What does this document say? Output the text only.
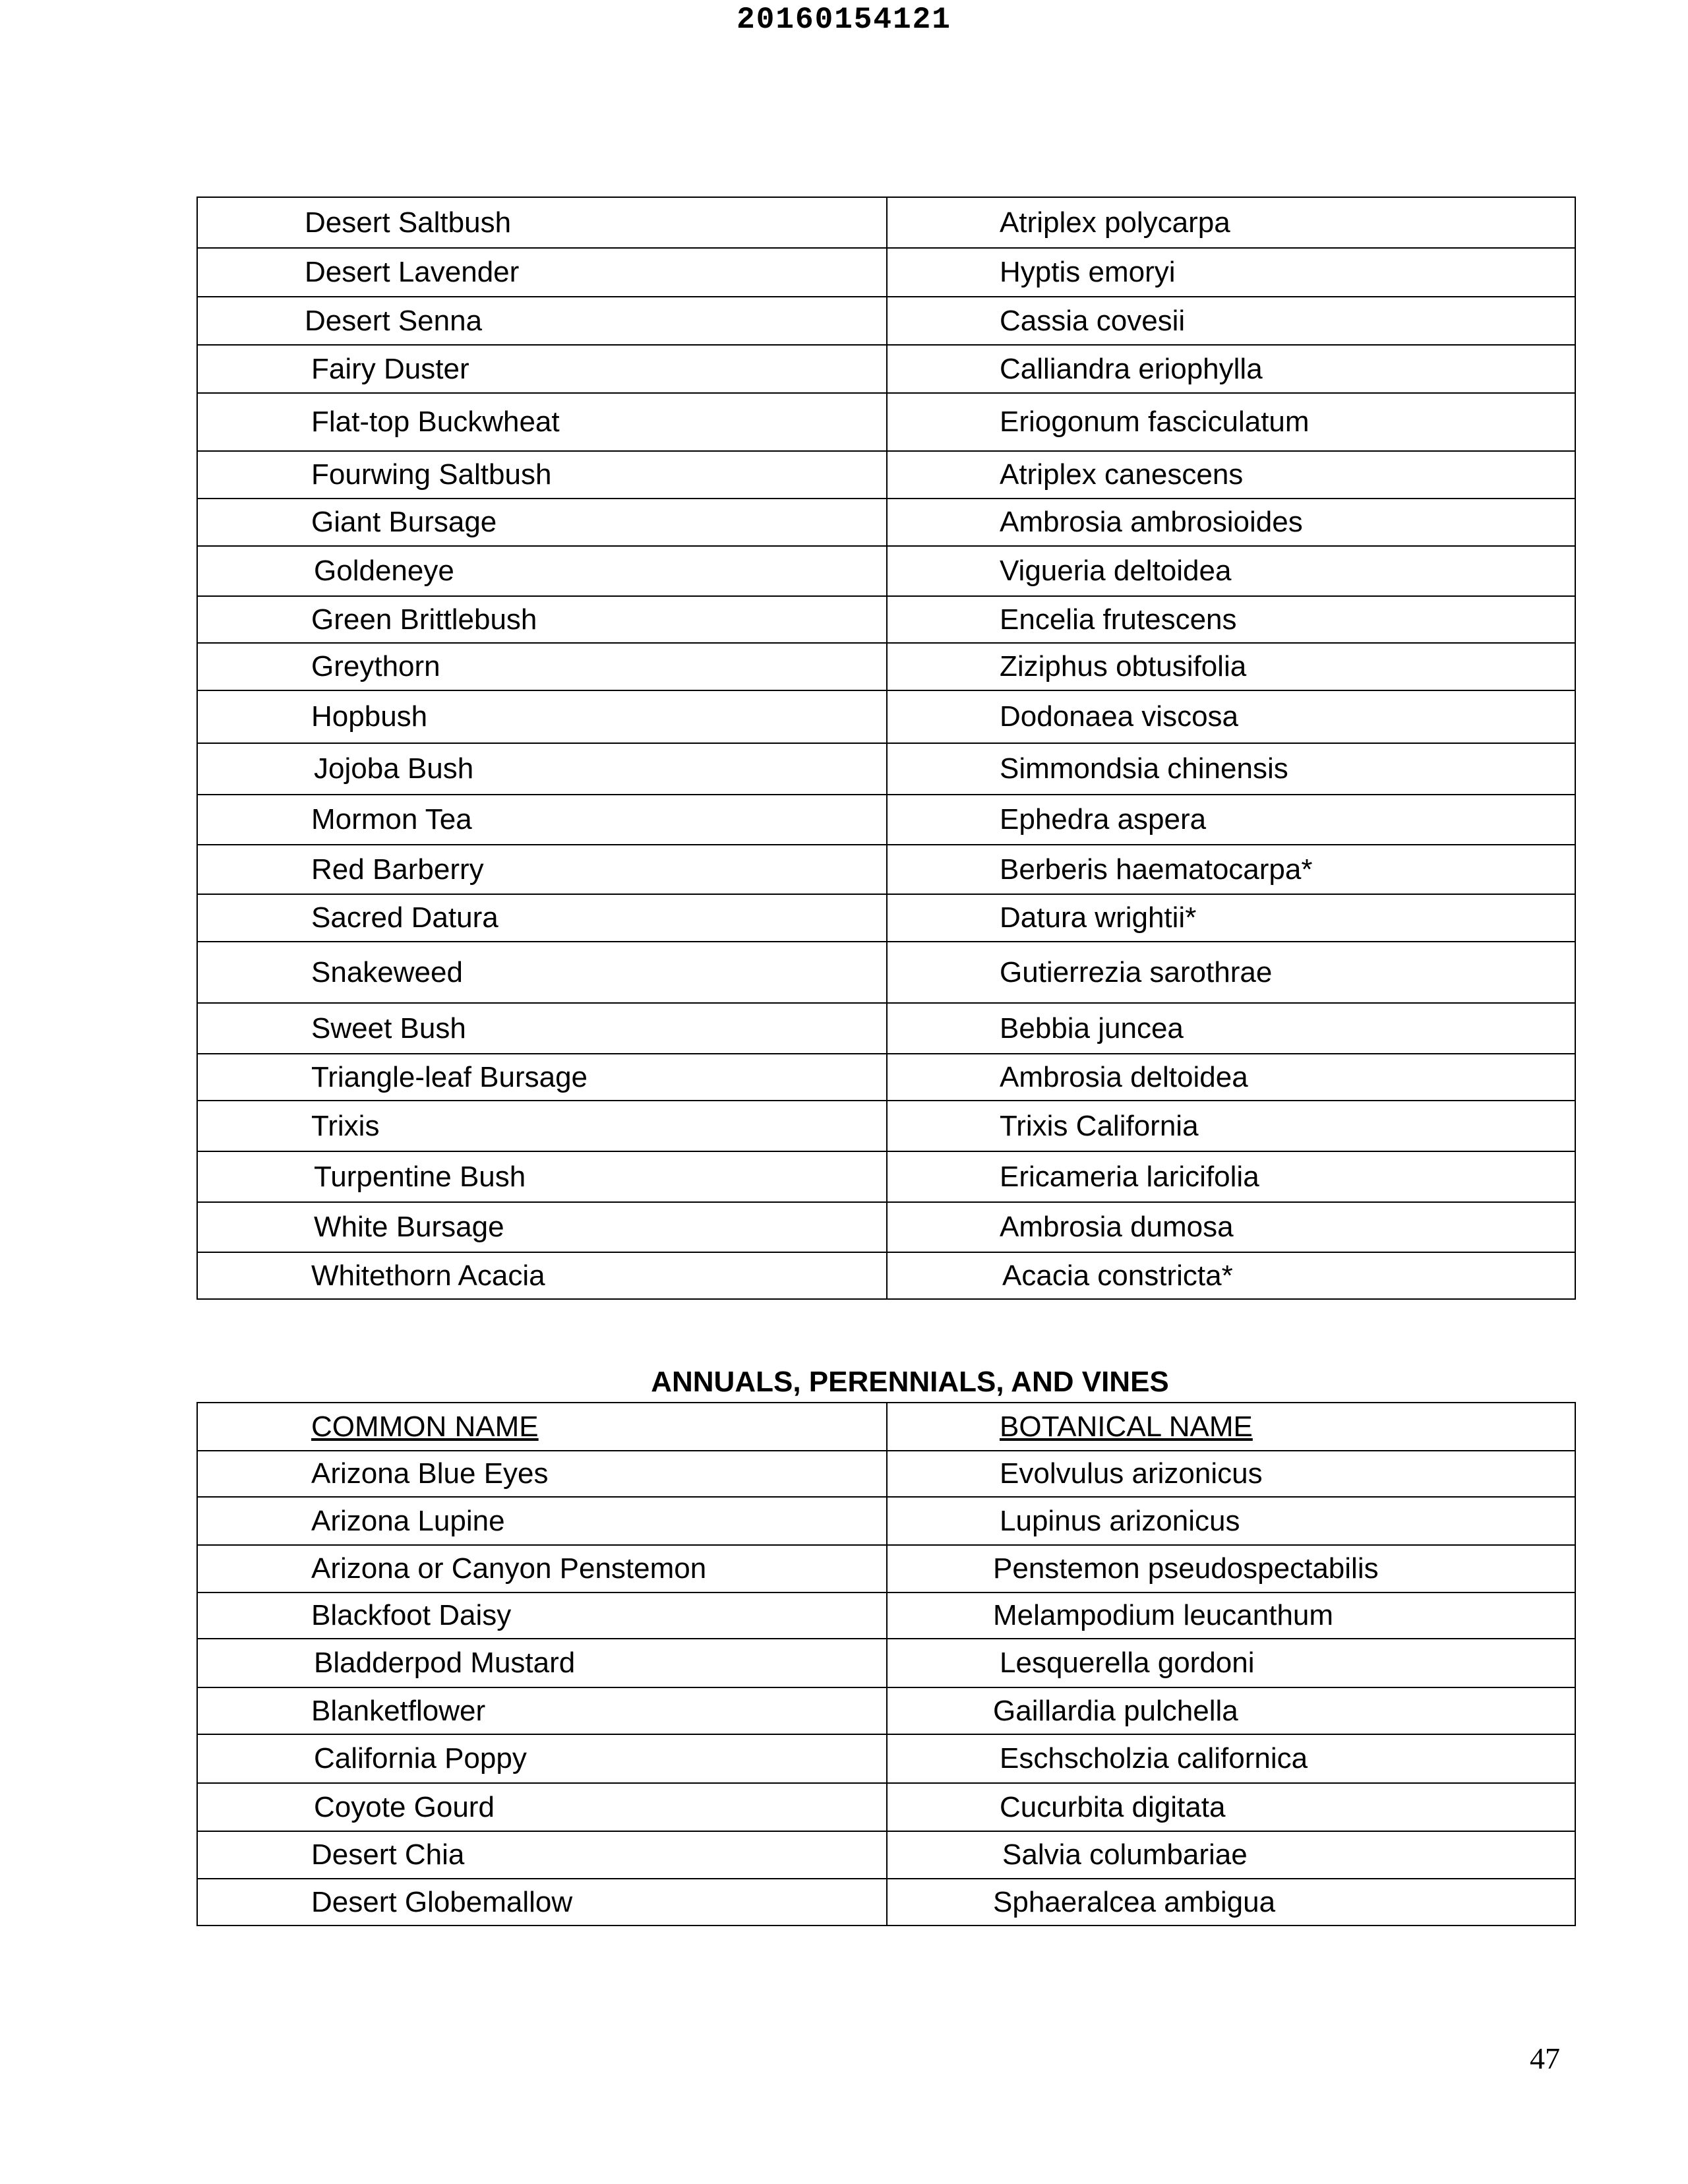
20160154121
Desert Saltbush	Atriplex polycarpa
Desert Lavender	Hyptis emoryi
Desert Senna	Cassia covesii
Fairy Duster	Calliandra eriophylla
Flat-top Buckwheat	Eriogonum fasciculatum
Fourwing Saltbush	Atriplex canescens
Giant Bursage	Ambrosia ambrosioides
Goldeneye	Vigueria deltoidea
Green Brittlebush	Encelia frutescens
Greythorn	Ziziphus obtusifolia
Hopbush	Dodonaea viscosa
Jojoba Bush	Simmondsia chinensis
Mormon Tea	Ephedra aspera
Red Barberry	Berberis haematocarpa*
Sacred Datura	Datura wrightii*
Snakeweed	Gutierrezia sarothrae
Sweet Bush	Bebbia juncea
Triangle-leaf Bursage	Ambrosia deltoidea
Trixis	Trixis California
Turpentine Bush	Ericameria laricifolia
White Bursage	Ambrosia dumosa
Whitethorn Acacia	Acacia constricta*
ANNUALS, PERENNIALS, AND VINES
COMMON NAME	BOTANICAL NAME
Arizona Blue Eyes	Evolvulus arizonicus
Arizona Lupine	Lupinus arizonicus
Arizona or Canyon Penstemon	Penstemon pseudospectabilis
Blackfoot Daisy	Melampodium leucanthum
Bladderpod Mustard	Lesquerella gordoni
Blanketflower	Gaillardia pulchella
California Poppy	Eschscholzia californica
Coyote Gourd	Cucurbita digitata
Desert Chia	Salvia columbariae
Desert Globemallow	Sphaeralcea ambigua
47
